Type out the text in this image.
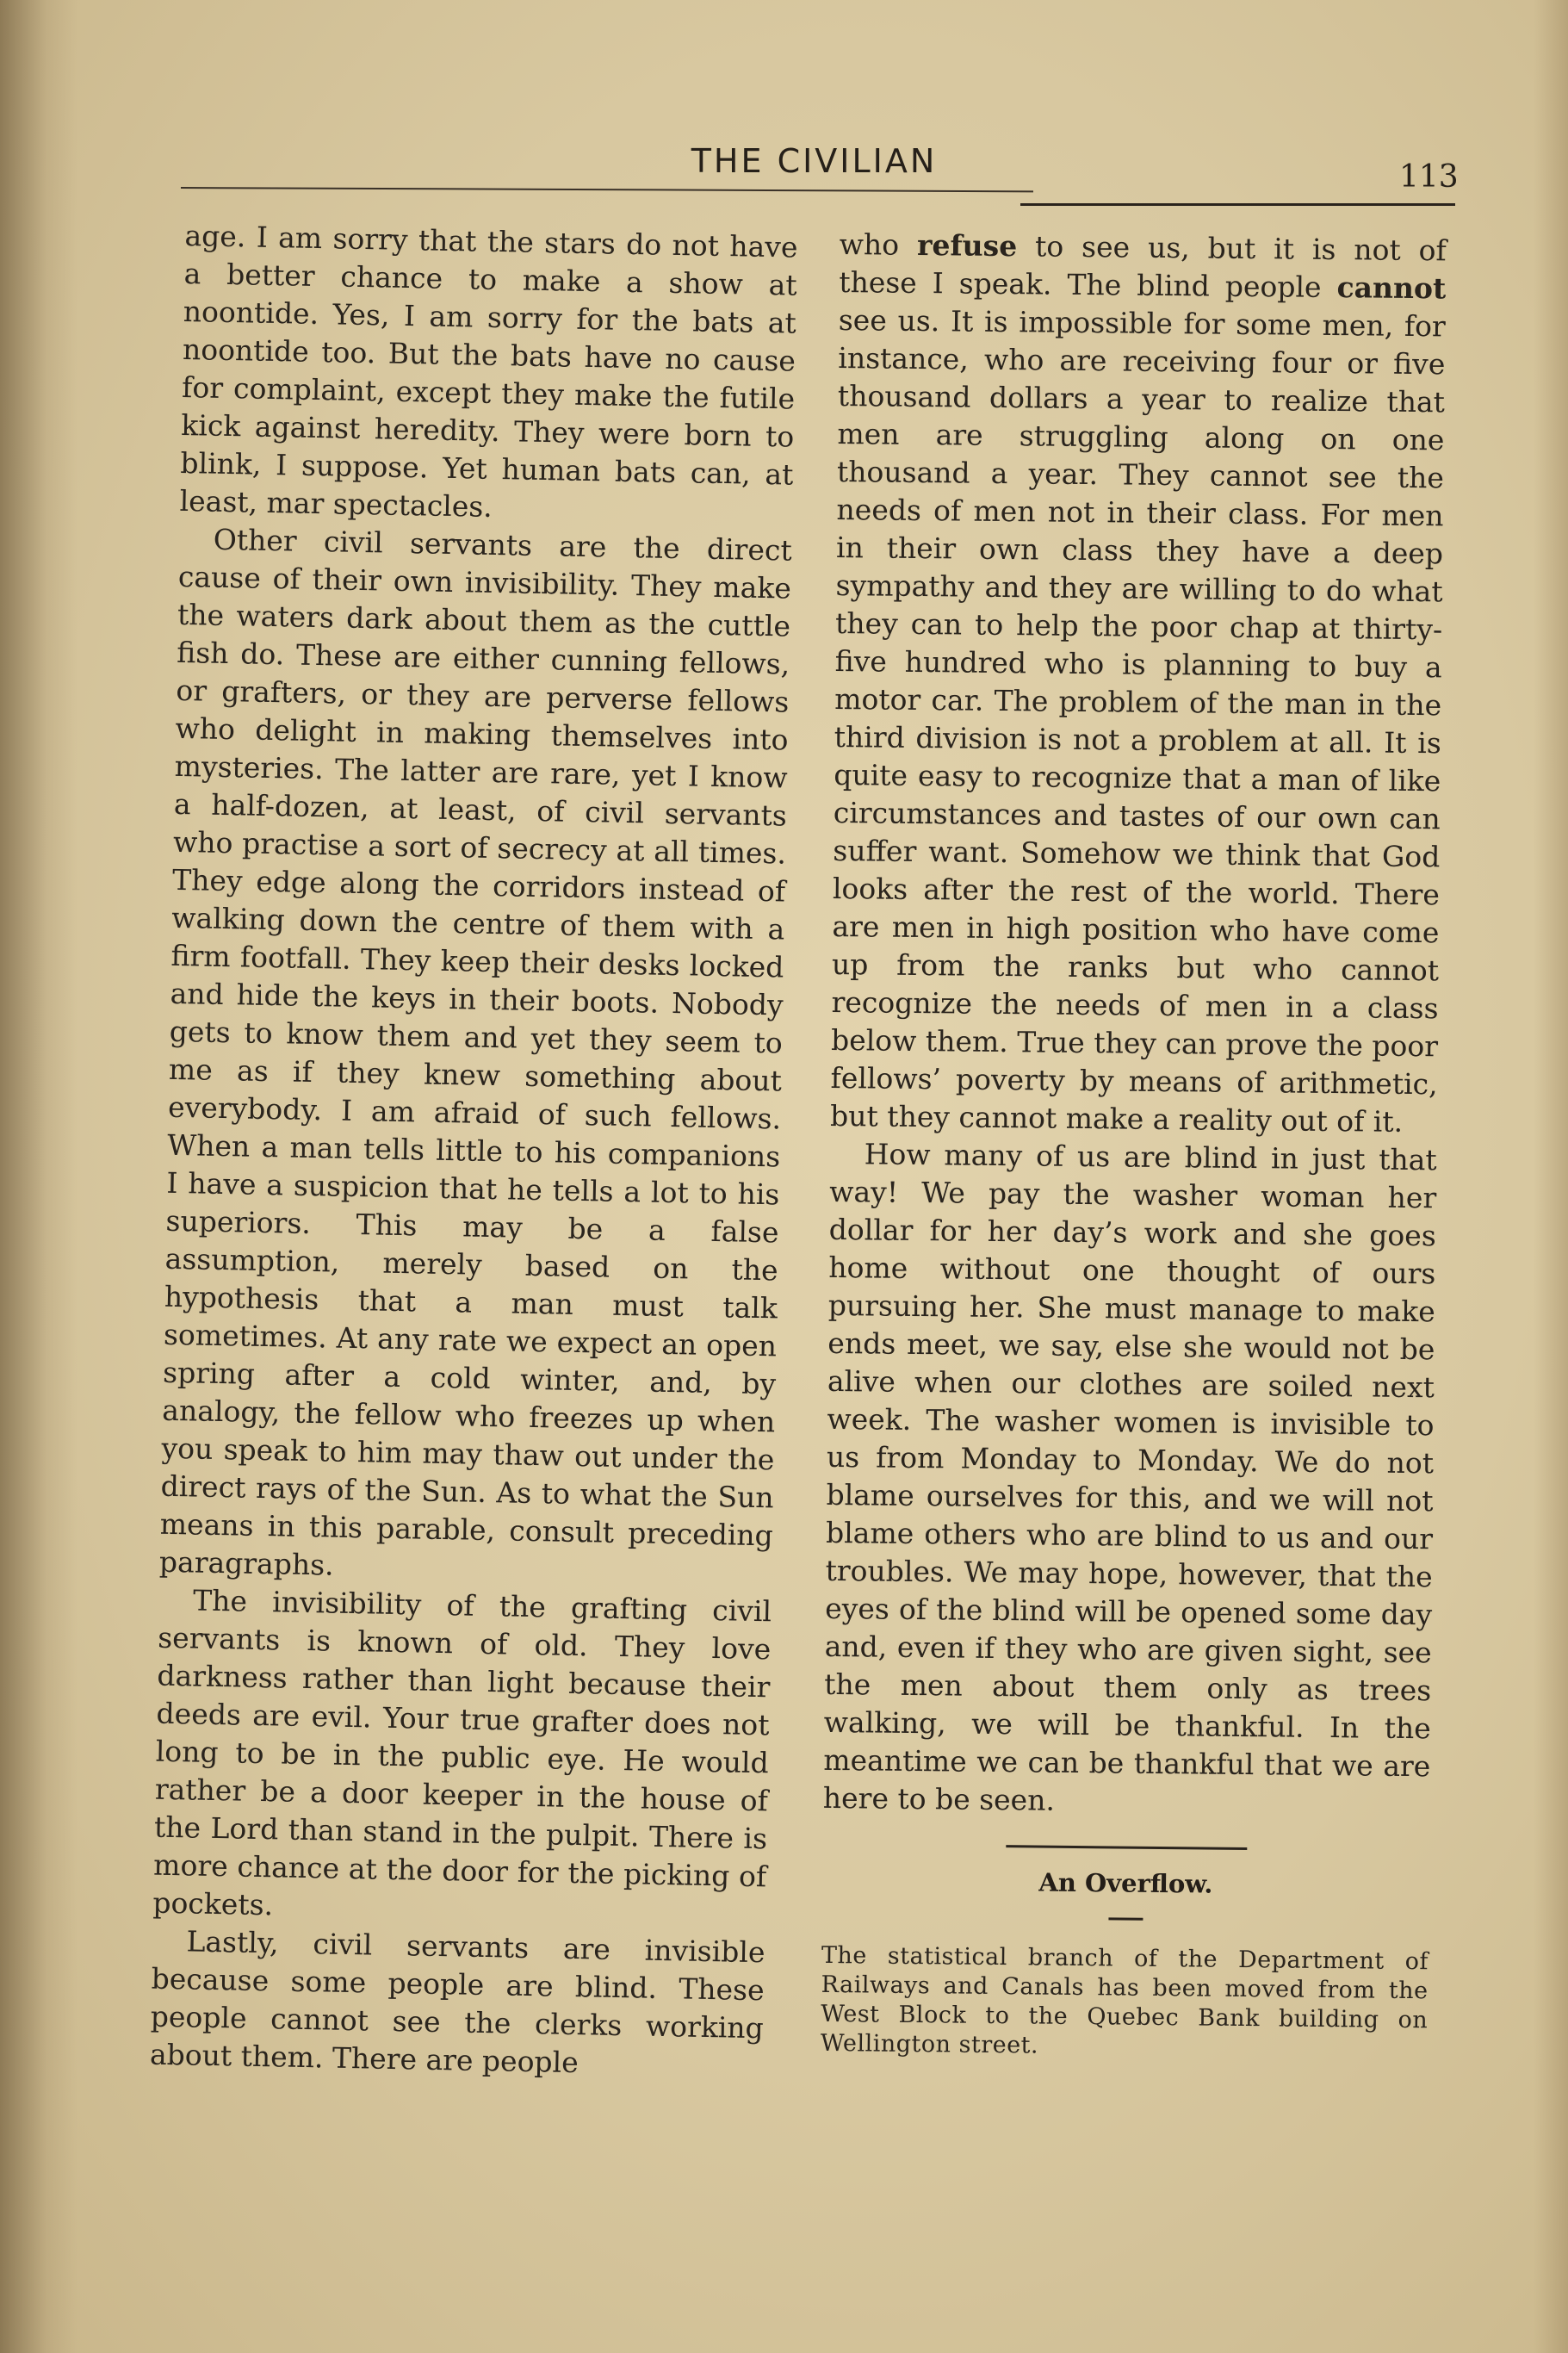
THE CIVILIAN	113

age. I am sorry that the stars do not have a better chance to make a show at noontide. Yes, I am sorry for the bats at noontide too. But the bats have no cause for complaint, except they make the futile kick against heredity. They were born to blink, I suppose. Yet human bats can, at least, mar spectacles.

Other civil servants are the direct cause of their own invisibility. They make the waters dark about them as the cuttle fish do. These are either cunning fellows, or grafters, or they are perverse fellows who delight in making themselves into mysteries. The latter are rare, yet I know a half-dozen, at least, of civil servants who practise a sort of secrecy at all times. They edge along the corridors instead of walking down the centre of them with a firm footfall. They keep their desks locked and hide the keys in their boots. Nobody gets to know them and yet they seem to me as if they knew something about everybody. I am afraid of such fellows. When a man tells little to his companions I have a suspicion that he tells a lot to his superiors. This may be a false assumption, merely based on the hypothesis that a man must talk sometimes. At any rate we expect an open spring after a cold winter, and, by analogy, the fellow who freezes up when you speak to him may thaw out under the direct rays of the Sun. As to what the Sun means in this parable, consult preceding paragraphs.

The invisibility of the grafting civil servants is known of old. They love darkness rather than light because their deeds are evil. Your true grafter does not long to be in the public eye. He would rather be a door keeper in the house of the Lord than stand in the pulpit. There is more chance at the door for the picking of pockets.

Lastly, civil servants are invisible because some people are blind. These people cannot see the clerks working about them. There are people

who refuse to see us, but it is not of these I speak. The blind people cannot see us. It is impossible for some men, for instance, who are receiving four or five thousand dollars a year to realize that men are struggling along on one thousand a year. They cannot see the needs of men not in their class. For men in their own class they have a deep sympathy and they are willing to do what they can to help the poor chap at thirty-five hundred who is planning to buy a motor car. The problem of the man in the third division is not a problem at all. It is quite easy to recognize that a man of like circumstances and tastes of our own can suffer want. Somehow we think that God looks after the rest of the world. There are men in high position who have come up from the ranks but who cannot recognize the needs of men in a class below them. True they can prove the poor fellows’ poverty by means of arithmetic, but they cannot make a reality out of it.

How many of us are blind in just that way! We pay the washer woman her dollar for her day’s work and she goes home without one thought of ours pursuing her. She must manage to make ends meet, we say, else she would not be alive when our clothes are soiled next week. The washer women is invisible to us from Monday to Monday. We do not blame ourselves for this, and we will not blame others who are blind to us and our troubles. We may hope, however, that the eyes of the blind will be opened some day and, even if they who are given sight, see the men about them only as trees walking, we will be thankful. In the meantime we can be thankful that we are here to be seen.

An Overflow.

The statistical branch of the Department of Railways and Canals has been moved from the West Block to the Quebec Bank building on Wellington street.
